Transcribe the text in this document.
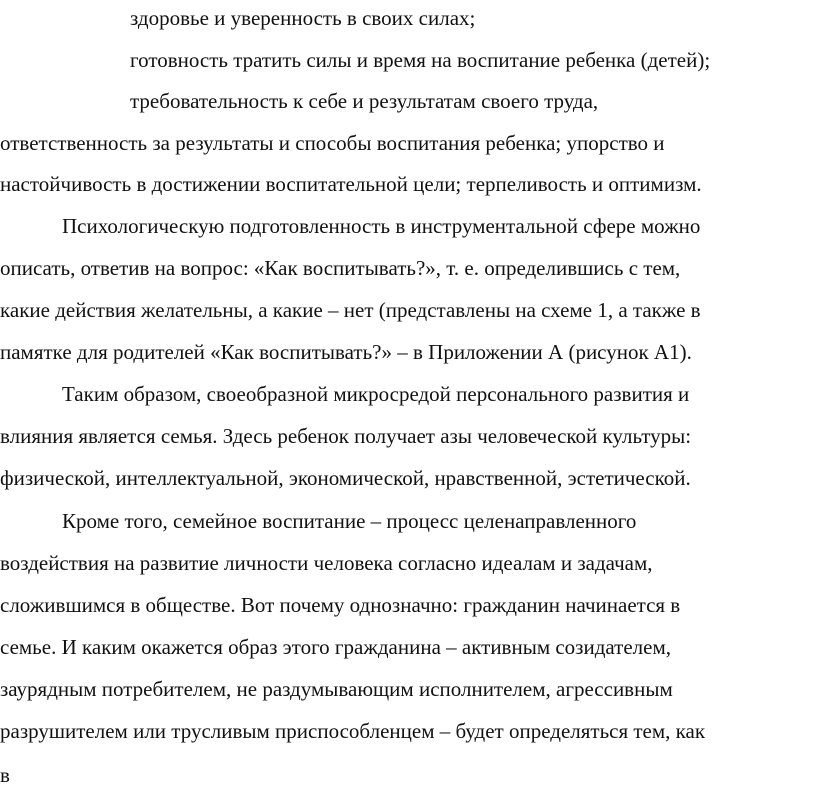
здоровье и уверенность в своих силах;
готовность тратить силы и время на воспитание ребенка (детей);
требовательность к себе и результатам своего труда,
ответственность за результаты и способы воспитания ребенка; упорство и
настойчивость в достижении воспитательной цели; терпеливость и оптимизм.
Психологическую подготовленность в инструментальной сфере можно
описать, ответив на вопрос: «Как воспитывать?», т. е. определившись с тем,
какие действия желательны, а какие – нет (представлены на схеме 1, а также в
памятке для родителей «Как воспитывать?» – в Приложении А (рисунок А1).
Таким образом, своеобразной микросредой персонального развития и
влияния является семья. Здесь ребенок получает азы человеческой культуры:
физической, интеллектуальной, экономической, нравственной, эстетической.
Кроме того, семейное воспитание – процесс целенаправленного
воздействия на развитие личности человека согласно идеалам и задачам,
сложившимся в обществе. Вот почему однозначно: гражданин начинается в
семье. И каким окажется образ этого гражданина – активным созидателем,
заурядным потребителем, не раздумывающим исполнителем, агрессивным
разрушителем или трусливым приспособленцем – будет определяться тем, как
в
